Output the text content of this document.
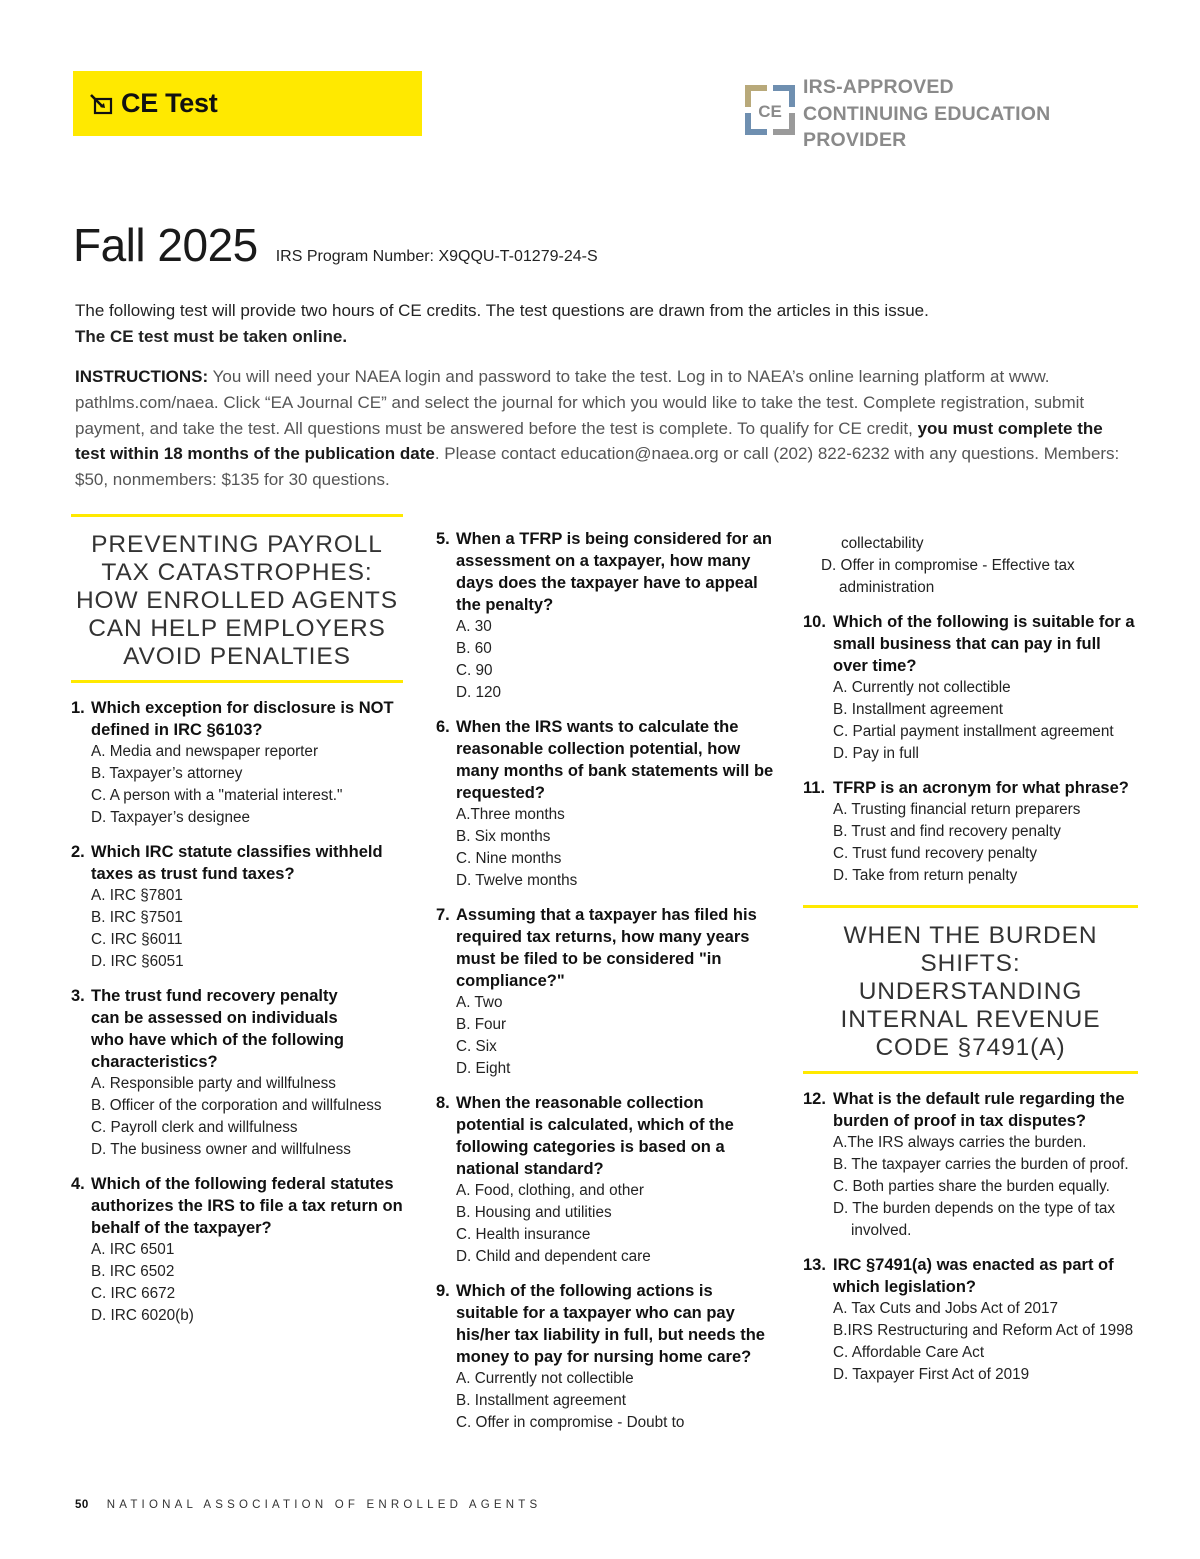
CE Test	CE
IRS-APPROVED
CONTINUING EDUCATION
PROVIDER
Fall 2025 IRS Program Number: X9QQU-T-01279-24-S

The following test will provide two hours of CE credits. The test questions are drawn from the articles in this issue.

The CE test must be taken online.

INSTRUCTIONS: You will need your NAEA login and password to take the test. Log in to NAEA’s online learning platform at www. pathlms.com/naea. Click “EA Journal CE” and select the journal for which you would like to take the test. Complete registration, submit payment, and take the test. All questions must be answered before the test is complete. To qualify for CE credit, you must complete the test within 18 months of the publication date. Please contact education@naea.org or call (202) 822-6232 with any questions. Members: $50, nonmembers: $135 for 30 questions.
PREVENTING PAYROLL TAX CATASTROPHES: HOW ENROLLED AGENTS CAN HELP EMPLOYERS AVOID PENALTIES
1. Which exception for disclosure is NOT defined in IRC §6103?
A. Media and newspaper reporter
B. Taxpayer’s attorney
C. A person with a "material interest."
D. Taxpayer’s designee
2. Which IRC statute classifies withheld taxes as trust fund taxes?
A. IRC §7801
B. IRC §7501
C. IRC §6011
D. IRC §6051
3. The trust fund recovery penalty can be assessed on individuals who have which of the following characteristics?
A. Responsible party and willfulness
B. Officer of the corporation and willfulness
C. Payroll clerk and willfulness
D. The business owner and willfulness
4. Which of the following federal statutes authorizes the IRS to file a tax return on behalf of the taxpayer?
A. IRC 6501
B. IRC 6502
C. IRC 6672
D. IRC 6020(b)
5. When a TFRP is being considered for an assessment on a taxpayer, how many days does the taxpayer have to appeal the penalty?
A. 30
B. 60
C. 90
D. 120
6. When the IRS wants to calculate the reasonable collection potential, how many months of bank statements will be requested?
A.Three months
B. Six months
C. Nine months
D. Twelve months
7. Assuming that a taxpayer has filed his required tax returns, how many years must be filed to be considered "in compliance?"
A. Two
B. Four
C. Six
D. Eight
8. When the reasonable collection potential is calculated, which of the following categories is based on a national standard?
A. Food, clothing, and other
B. Housing and utilities
C. Health insurance
D. Child and dependent care
9. Which of the following actions is suitable for a taxpayer who can pay his/her tax liability in full, but needs the money to pay for nursing home care?
A. Currently not collectible
B. Installment agreement
C. Offer in compromise - Doubt to
collectability
D. Offer in compromise - Effective tax administration
10. Which of the following is suitable for a small business that can pay in full over time?
A. Currently not collectible
B. Installment agreement
C. Partial payment installment agreement
D. Pay in full
11. TFRP is an acronym for what phrase?
A. Trusting financial return preparers
B. Trust and find recovery penalty
C. Trust fund recovery penalty
D. Take from return penalty
WHEN THE BURDEN SHIFTS: UNDERSTANDING INTERNAL REVENUE CODE §7491(A)
12. What is the default rule regarding the burden of proof in tax disputes?
A.The IRS always carries the burden.
B. The taxpayer carries the burden of proof.
C. Both parties share the burden equally.
D. The burden depends on the type of tax involved.
13. IRC §7491(a) was enacted as part of which legislation?
A. Tax Cuts and Jobs Act of 2017
B.IRS Restructuring and Reform Act of 1998
C. Affordable Care Act
D. Taxpayer First Act of 2019
50 NATIONAL ASSOCIATION OF ENROLLED AGENTS
